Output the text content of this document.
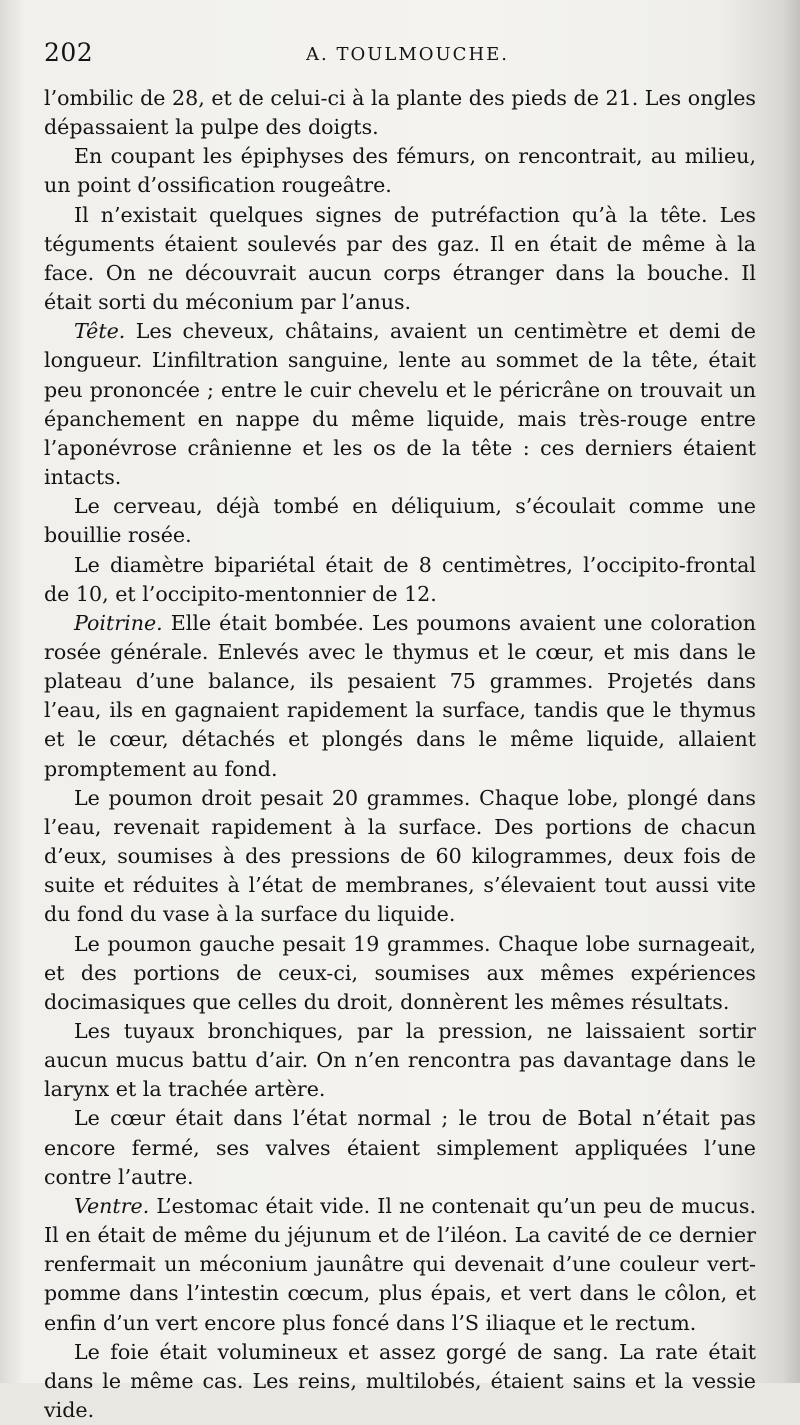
202	A. TOULMOUCHE.

l’ombilic de 28, et de celui-ci à la plante des pieds de 21. Les ongles dépassaient la pulpe des doigts.

En coupant les épiphyses des fémurs, on rencontrait, au milieu, un point d’ossification rougeâtre.

Il n’existait quelques signes de putréfaction qu’à la tête. Les téguments étaient soulevés par des gaz. Il en était de même à la face. On ne découvrait aucun corps étranger dans la bouche. Il était sorti du méconium par l’anus.

Tête. Les cheveux, châtains, avaient un centimètre et demi de longueur. L’infiltration sanguine, lente au sommet de la tête, était peu prononcée ; entre le cuir chevelu et le péricrâne on trouvait un épanchement en nappe du même liquide, mais très-rouge entre l’aponévrose crânienne et les os de la tête : ces derniers étaient intacts.

Le cerveau, déjà tombé en déliquium, s’écoulait comme une bouillie rosée.

Le diamètre bipariétal était de 8 centimètres, l’occipito-frontal de 10, et l’occipito-mentonnier de 12.

Poitrine. Elle était bombée. Les poumons avaient une coloration rosée générale. Enlevés avec le thymus et le cœur, et mis dans le plateau d’une balance, ils pesaient 75 grammes. Projetés dans l’eau, ils en gagnaient rapidement la surface, tandis que le thymus et le cœur, détachés et plongés dans le même liquide, allaient promptement au fond.

Le poumon droit pesait 20 grammes. Chaque lobe, plongé dans l’eau, revenait rapidement à la surface. Des portions de chacun d’eux, soumises à des pressions de 60 kilogrammes, deux fois de suite et réduites à l’état de membranes, s’élevaient tout aussi vite du fond du vase à la surface du liquide.

Le poumon gauche pesait 19 grammes. Chaque lobe surnageait, et des portions de ceux-ci, soumises aux mêmes expériences docimasiques que celles du droit, donnèrent les mêmes résultats.

Les tuyaux bronchiques, par la pression, ne laissaient sortir aucun mucus battu d’air. On n’en rencontra pas davantage dans le larynx et la trachée artère.

Le cœur était dans l’état normal ; le trou de Botal n’était pas encore fermé, ses valves étaient simplement appliquées l’une contre l’autre.

Ventre. L’estomac était vide. Il ne contenait qu’un peu de mucus. Il en était de même du jéjunum et de l’iléon. La cavité de ce dernier renfermait un méconium jaunâtre qui devenait d’une couleur vert-pomme dans l’intestin cœcum, plus épais, et vert dans le côlon, et enfin d’un vert encore plus foncé dans l’S iliaque et le rectum.

Le foie était volumineux et assez gorgé de sang. La rate était dans le même cas. Les reins, multilobés, étaient sains et la vessie vide.
